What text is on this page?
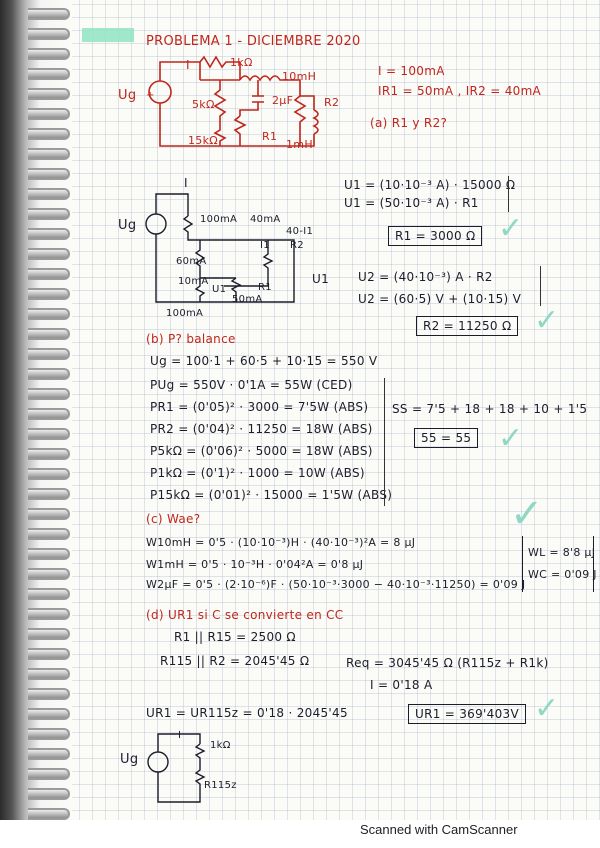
PROBLEMA 1 - DICIEMBRE 2020
I = 100mA
IR1 = 50mA , IR2 = 40mA
(a) R1 y R2?
+
Ug
I	1kΩ
10mH
5kΩ	2μF	R2
R1
15kΩ	1mH
Ug
I
100mA 40mA
40-I1
R2
I1
60mA
10mA
U1	R1
50mA
100mA
U1 = (10·10⁻³ A) · 15000 Ω
U1 = (50·10⁻³ A) · R1
R1 = 3000 Ω ✓
U1 U2 = (40·10⁻³) A · R2
U2 = (60·5) V + (10·15) V
R2 = 11250 Ω ✓
(b) P? balance
Ug = 100·1 + 60·5 + 10·15 = 550 V
PUg = 550V · 0'1A = 55W (CED)
PR1 = (0'05)² · 3000 = 7'5W (ABS)
PR2 = (0'04)² · 11250 = 18W (ABS)
P5kΩ = (0'06)² · 5000 = 18W (ABS)
P1kΩ = (0'1)² · 1000 = 10W (ABS)
P15kΩ = (0'01)² · 15000 = 1'5W (ABS)
SS = 7'5 + 18 + 18 + 10 + 1'5
55 = 55 ✓
✓
(c) Wae?
W10mH = 0'5 · (10·10⁻³)H · (40·10⁻³)²A = 8 μJ
W1mH = 0'5 · 10⁻³H · 0'04²A = 0'8 μJ
W2μF = 0'5 · (2·10⁻⁶)F · (50·10⁻³·3000 − 40·10⁻³·11250) = 0'09 J
WL = 8'8 μJ
WC = 0'09 J
(d) UR1 si C se convierte en CC
R1 || R15 = 2500 Ω
R115 || R2 = 2045'45 Ω	Req = 3045'45 Ω (R115z + R1k)
I = 0'18 A
UR1 = UR115z = 0'18 · 2045'45	UR1 = 369'403V ✓
Ug
I
1kΩ
R115z
Scanned with CamScanner
